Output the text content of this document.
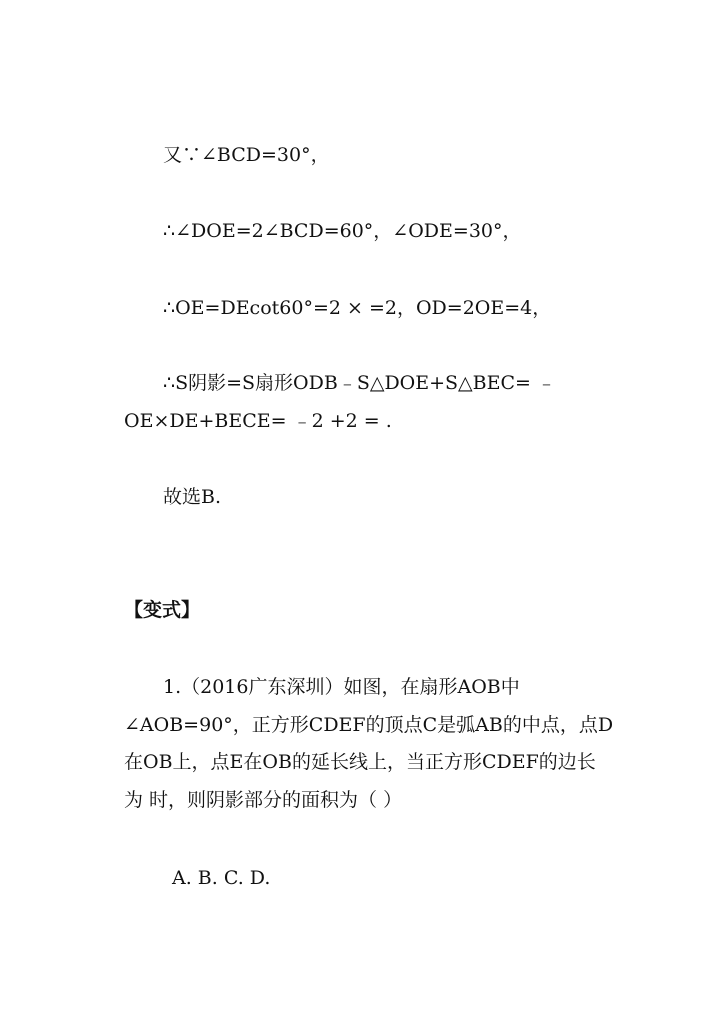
又∵∠BCD=30°，
∴∠DOE=2∠BCD=60°，∠ODE=30°，
∴OE=DEcot60°=2 × =2，OD=2OE=4，
∴S阴影=S扇形ODB﹣S△DOE+S△BEC= ﹣
OE×DE+BECE= ﹣2 +2 = .
故选B.
【变式】
1.（2016广东深圳）如图，在扇形AOB中
∠AOB=90°，正方形CDEF的顶点C是弧AB的中点，点D
在OB上，点E在OB的延长线上，当正方形CDEF的边长
为 时，则阴影部分的面积为（ ）
A. B. C. D.
